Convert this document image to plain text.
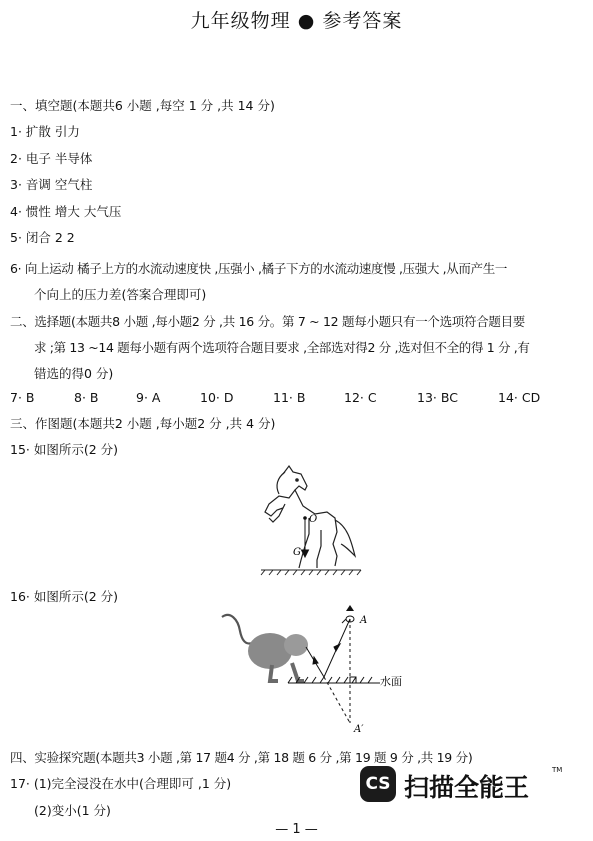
九年级物理 ● 参考答案
一、填空题(本题共6 小题 ,每空 1 分 ,共 14 分)
1· 扩散 引力
2· 电子 半导体
3· 音调 空气柱
4· 惯性 增大 大气压
5· 闭合 2 2
6· 向上运动 橘子上方的水流动速度快 ,压强小 ,橘子下方的水流动速度慢 ,压强大 ,从而产生一
个向上的压力差(答案合理即可)
二、选择题(本题共8 小题 ,每小题2 分 ,共 16 分。第 7 ~ 12 题每小题只有一个选项符合题目要
求 ;第 13 ~14 题每小题有两个选项符合题目要求 ,全部选对得2 分 ,选对但不全的得 1 分 ,有
错选的得0 分)
7· B	8· B	9· A	10· D	11· B	12· C	13· BC	14· CD
三、作图题(本题共2 小题 ,每小题2 分 ,共 4 分)
15· 如图所示(2 分)
O
G
16· 如图所示(2 分)
A
A′
水面
四、实验探究题(本题共3 小题 ,第 17 题4 分 ,第 18 题 6 分 ,第 19 题 9 分 ,共 19 分)
17· (1)完全浸没在水中(合理即可 ,1 分)
(2)变小(1 分)
CS 扫描全能王
TM
— 1 —
